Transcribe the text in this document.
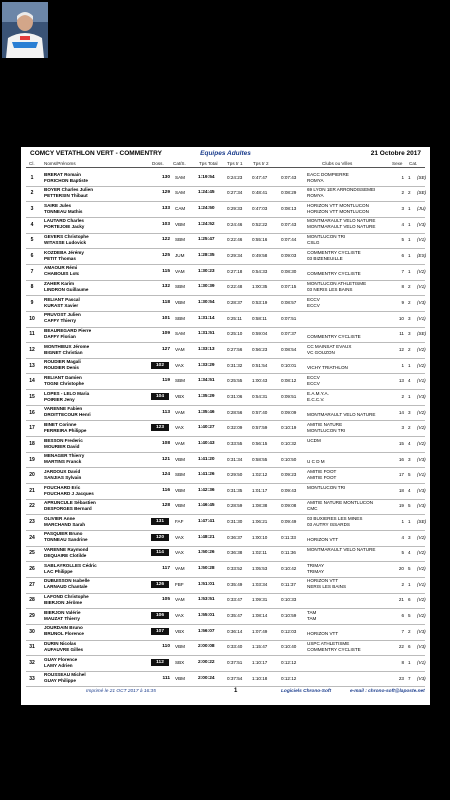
COMCY VETATHLON VERT - COMMENTRY	Equipes Adultes	21 Octobre 2017
Cl. Noms/Prénoms	Doss. Cat/S.	Tps Total Tps tr 1 Tps tr 2	Clubs ou Villes	Sexe Cat.
1
BRERAT Romain
FORICHON Baptiste
130 SAM	1:19:54	0:24:23 0:47:47	0:07:43
EACC DOMPIERRE
ROMYA
1 1 (SE)
2
BOYER Charles Julien
PETTERSIN Thibaut
129 SAM	1:24:45	0:27:34 0:48:41	0:08:29
69 LYON 1ER ARRONDISSEMEI
ROMYA
2 2 (SE)
3
SAIRE Jules
TONNEAU Mathis
133 CAM	1:24:50	0:29:33 0:47:03	0:08:13
HORIZON VTT MONTLUCON
HORIZON VTT MONTLUCON
3 1 (JU)
4
LAUTARD Charles
PORTEJOIE Jacky
103 VBM	1:24:52	0:24:46 0:52:22	0:07:43
MONTMARAULT VELO NATURE
MONTMARAULT VELO NATURE
4 1 (V3)
5
GEVERS Christophe
WITASSE Ludovick
122 SBM	1:25:47	0:22:46 0:55:16	0:07:44
MONTLUCON TRI
CSLG
5 1 (V1)
6
KOZDEBA Jérémy
PETIT Thomas
125 JUM	1:28:35	0:29:34 0:49:58	0:09:03
COMMENTRY CYCLISTE
03 BIZENEUILLE
6 1 (ES)
7
AMAOUR Rémi
CHABOUIS Loïc
115 VAM	1:30:23	0:27:18 0:54:33	0:08:30
COMMENTRY CYCLISTE
7 1 (V2)
8
ZAHER Karim
LINDRON Guillaume
132 SBM	1:30:39	0:22:48 1:00:35	0:07:15
MONTLUCON ATHLETISME
03 NERIS LES BAINS
8 2 (V1)
9
RELIANT Pascal
KURAST Xavier
118 VBM	1:30:54	0:28:37 0:53:19	0:08:57
ECCV
ECCV
9 2 (V3)
10
PRUVOST Julien
CAFFY Thierry
101 SBM	1:31:14	0:25:11 0:58:11	0:07:51	10 3 (V1)
11
BEAUREGARD Pierre
DAFFY Florian
109 SAM	1:31:51	0:25:10 0:59:04	0:07:37
COMMENTRY CYCLISTE
11 3 (SE)
12
MONTHIEUX Jérome
BIGNET Christian
127 VAM	1:33:13	0:27:56 0:56:23	0:08:54
CC MAINSAT EVAUX
VC GOUZON
12 2 (V2)
13
ROUDIER Magali
ROUDIER Denis
102	VAX	1:33:29	0:31:32 0:51:54	0:10:01
VICHY TRIATHLON
1 1 (V2)
14
RELIANT Damien
TOGNI Christophe
119 SBM	1:34:51	0:25:55 1:00:43	0:08:12
ECCV
ECCV
13 4 (V1)
15
LOPES - LELO Maria
POIRIER Jeny
104	VBX	1:35:29	0:31:06 0:54:31	0:09:51
E.A.M.Y.A.
E.C.C.V.
2 1 (V3)
16
VARENNE Fabien
DROITTECOUR Henri
113 VAM	1:35:46	0:28:56 0:57:40	0:09:09
MONTMARAULT VELO NATURE
14 3 (V2)
17
BINET Corinne
FERREIRA Philippe
123	VAX	1:40:27	0:32:09 0:57:59	0:10:19
AMITIE NATURE
MONTLUCON TRI
3 2 (V2)
18
BESSON Frederic
MOURIER David
108 VAM	1:40:43	0:33:55 0:56:15	0:10:32
UCDM
15 4 (V2)
19
MENAGER Thierry
MARTINS Franck
121 VBM	1:41:20	0:31:34 0:58:55	0:10:50
U C D M
16 3 (V3)
20
JARDOUX David
SANJIAS Sylvain
124 SBM	1:41:26	0:29:50 1:02:12	0:09:23
AMITIE FOOT
AMITIE FOOT
17 5 (V1)
21
FOUCHARD Eric
FOUCHARD J Jacques
116 VBM	1:42:36	0:31:35 1:01:17	0:09:43
MONTLUCON TRI
18 4 (V3)
22
APRUNCULE Sébastien
DESFORGES Bernard
128 VBM	1:46:45	0:28:59 1:08:38	0:09:08
AMITIE NATURE MONTLUCON
CMC
19 5 (V3)
23
OLIVIER Anne
MARCHAND Sarah
131	FAF	1:47:41	0:31:30 1:06:21	0:09:49
03 BUXIERES LES MINES
03 AUTRY ISSARDS
1 1 (SE)
24
PASQUIER Bruno
TONNEAU Sandrine
120	VAX	1:48:21	0:36:37 1:00:10	0:11:33
HORIZON VTT
4 3 (V2)
25
VARENNE Raymond
DEQUAIRE Clotilde
114	VAX	1:50:26	0:36:38 1:02:11	0:11:36
MONTMARAULT VELO NATURE
5 4 (V2)
26
SABLAYROLLES Cédric
LAC Philippe
117 VAM	1:50:28	0:33:52 1:05:53	0:10:42
TRIMAY
TRIMAY
20 5 (V2)
27
DUBUISSON Isabelle
LARNAUD Chantale
126	FBF	1:51:01	0:35:49 1:03:34	0:11:37
HORIZON VTT
NERIS LES BAINS
2 1 (V1)
28
LAFOND Christophe
BIERJON Jérôme
105 VAM	1:53:51	0:33:47 1:09:31	0:10:33	21 6 (V2)
29
BIERJON Valérie
MAUZAT Thierry
106	VAX	1:55:01	0:35:47 1:08:14	0:10:59
TAM
TAM
6 5 (V2)
30
JOURDAIN Bruno
BRUNOL Florence
107	VBX	1:56:07	0:36:14 1:07:49	0:12:03
HORIZON VTT
7 2 (V3)
31
DURIN Nicolas
AUFAUVRE Gilles
110 VBM	2:00:08	0:33:40 1:15:47	0:10:40
USPC ATHLETISME
COMMENTRY CYCLISTE
22 6 (V3)
32
GUAY Florence
LAMY Adrien
112	SBX	2:00:22	0:37:51 1:10:17	0:12:12	8 1 (V1)
33
ROUSSEAU Michel
GUAY Philippe
111 VBM	2:00:24	0:37:54 1:10:18	0:12:12	23 7 (V3)
Imprimé le 21 OCT 2017 à 16:35	1	Logiciels Chrono-Soft	e-mail : chrono-soft@laposte.net
